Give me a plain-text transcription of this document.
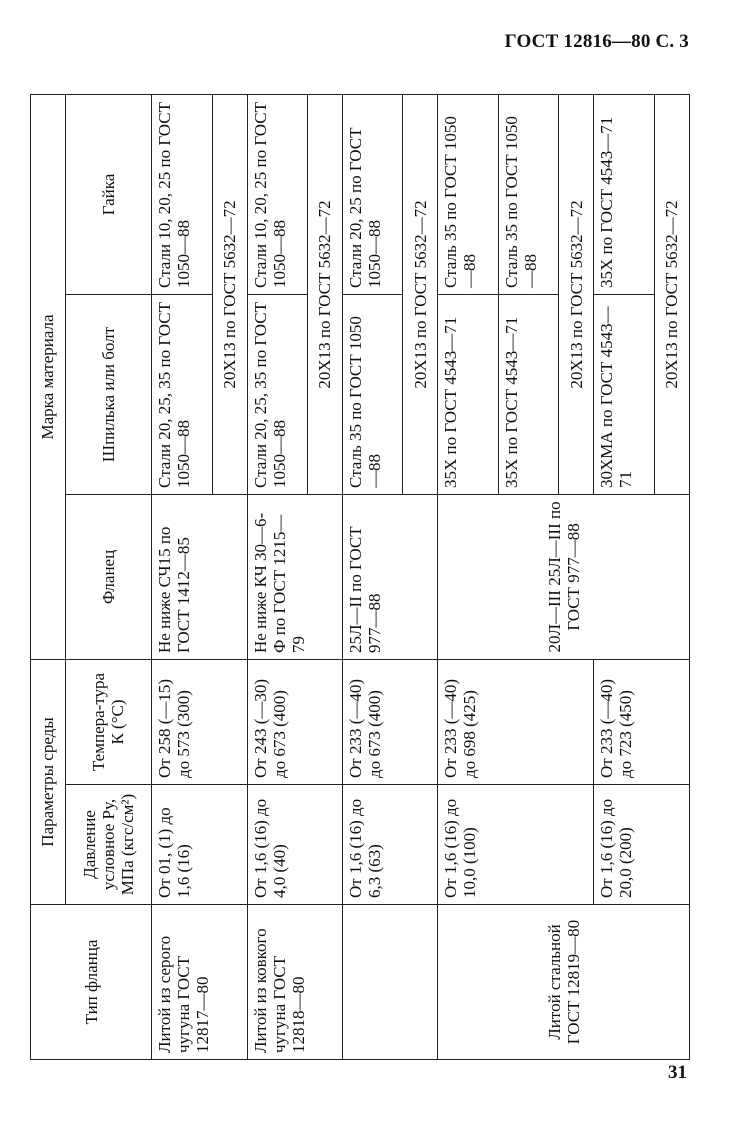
ГОСТ 12816—80 С. 3
Тип фланца	Параметры среды		Марка материала		
	Давление условное Pу, МПа (кгс/см²)	Темпера-тура К (°С)	Фланец	Шпилька или болт	Гайка
Литой из серого чугуна ГОСТ 12817—80	От 01, (1) до 1,6 (16)	От 258 (—15) до 573 (300)	Не ниже СЧ15 по ГОСТ 1412—85	Стали 20, 25, 35 по ГОСТ 1050—88	Стали 10, 20, 25 по ГОСТ 1050—88
				20Х13 по ГОСТ 5632—72	
Литой из ковкого чугуна ГОСТ 12818—80	От 1,6 (16) до 4,0 (40)	От 243 (—30) до 673 (400)	Не ниже КЧ 30—6-Ф по ГОСТ 1215—79	Стали 20, 25, 35 по ГОСТ 1050—88	Стали 10, 20, 25 по ГОСТ 1050—88
				20Х13 по ГОСТ 5632—72	
	От 1,6 (16) до 6,3 (63)	От 233 (—40) до 673 (400)	25Л—II по ГОСТ 977—88	Сталь 35 по ГОСТ 1050—88	Стали 20, 25 по ГОСТ 1050—88
				20Х13 по ГОСТ 5632—72	
Литой стальной ГОСТ 12819—80	От 1,6 (16) до 10,0 (100)	От 233 (—40) до 698 (425)	20Л—III 25Л—III по ГОСТ 977—88	35Х по ГОСТ 4543—71	Сталь 35 по ГОСТ 1050—88
				35Х по ГОСТ 4543—71	Сталь 35 по ГОСТ 1050—88
				20Х13 по ГОСТ 5632—72	
	От 1,6 (16) до 20,0 (200)	От 233 (—40) до 723 (450)		30ХМА по ГОСТ 4543—71	35Х по ГОСТ 4543—71
				20Х13 по ГОСТ 5632—72	
31
